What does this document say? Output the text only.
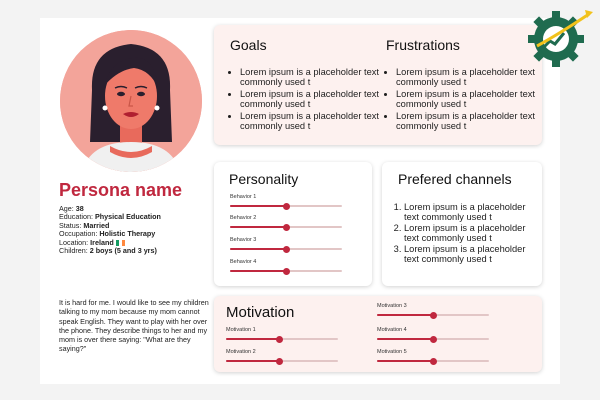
Persona name
Age: 38
Education: Physical Education
Status: Married
Occupation: Holistic Therapy
Location: Ireland
Children: 2 boys (5 and 3 yrs)
It is hard for me. I would like to see my children talking to my mom because my mom cannot speak English. They want to play with her over the phone. They describe things to her and my mom is over there saying: "What are they saying?"
Goals
• Lorem ipsum is a placeholder text commonly used t
• Lorem ipsum is a placeholder text commonly used t
• Lorem ipsum is a placeholder text commonly used t
Frustrations
• Lorem ipsum is a placeholder text commonly used t
• Lorem ipsum is a placeholder text commonly used t
• Lorem ipsum is a placeholder text commonly used t
Personality
Behavior 1
Behavior 2
Behavior 3
Behavior 4
Prefered channels
1. Lorem ipsum is a placeholder text commonly used t
2. Lorem ipsum is a placeholder text commonly used t
3. Lorem ipsum is a placeholder text commonly used t
Motivation
Motivation 1
Motivation 2
Motivation 3
Motivation 4
Motivation 5
